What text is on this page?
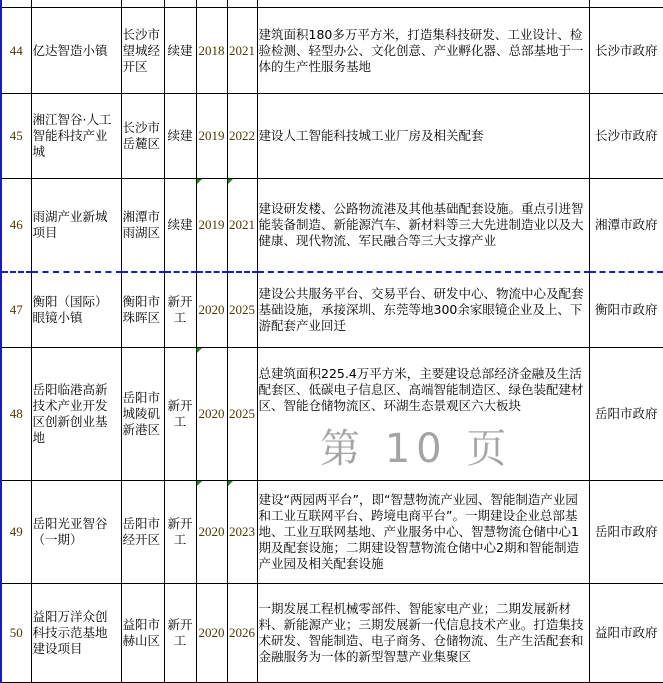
44	亿达智造小镇	长沙市望城经开区	续建	2018	2021	建筑面积180多万平方米，打造集科技研发、工业设计、检验检测、轻型办公、文化创意、产业孵化器、总部基地于一体的生产性服务基地	长沙市政府
45	湘江智谷·人工智能科技产业城	长沙市岳麓区	续建	2019	2022	建设人工智能科技城工业厂房及相关配套	长沙市政府
46	雨湖产业新城项目	湘潭市雨湖区	续建	2019	2021	建设研发楼、公路物流港及其他基础配套设施。重点引进智能装备制造、新能源汽车、新材料等三大先进制造业以及大健康、现代物流、军民融合等三大支撑产业	湘潭市政府
47	衡阳（国际）眼镜小镇	衡阳市珠晖区	新开工	2020	2025	建设公共服务平台、交易平台、研发中心、物流中心及配套基础设施，承接深圳、东莞等地300余家眼镜企业及上、下游配套产业回迁	衡阳市政府
48	岳阳临港高新技术产业开发区创新创业基地	岳阳市城陵矶新港区	新开工	2020	2025	总建筑面积225.4万平方米，主要建设总部经济金融及生活配套区、低碳电子信息区、高端智能制造区、绿色装配建材区、智能仓储物流区、环湖生态景观区六大板块	岳阳市政府
49	岳阳光亚智谷（一期）	岳阳市经开区	新开工	2020	2023	建设“两园两平台”，即“智慧物流产业园、智能制造产业园和工业互联网平台、跨境电商平台”。一期建设企业总部基地、工业互联网基地、产业服务中心、智慧物流仓储中心1期及配套设施；二期建设智慧物流仓储中心2期和智能制造产业园及相关配套设施	岳阳市政府
50	益阳万洋众创科技示范基地建设项目	益阳市赫山区	新开工	2020	2026	一期发展工程机械零部件、智能家电产业；二期发展新材料、新能源产业；三期发展新一代信息技术产业。打造集技术研发、智能制造、电子商务、仓储物流、生产生活配套和金融服务为一体的新型智慧产业集聚区	益阳市政府
第 10 页
